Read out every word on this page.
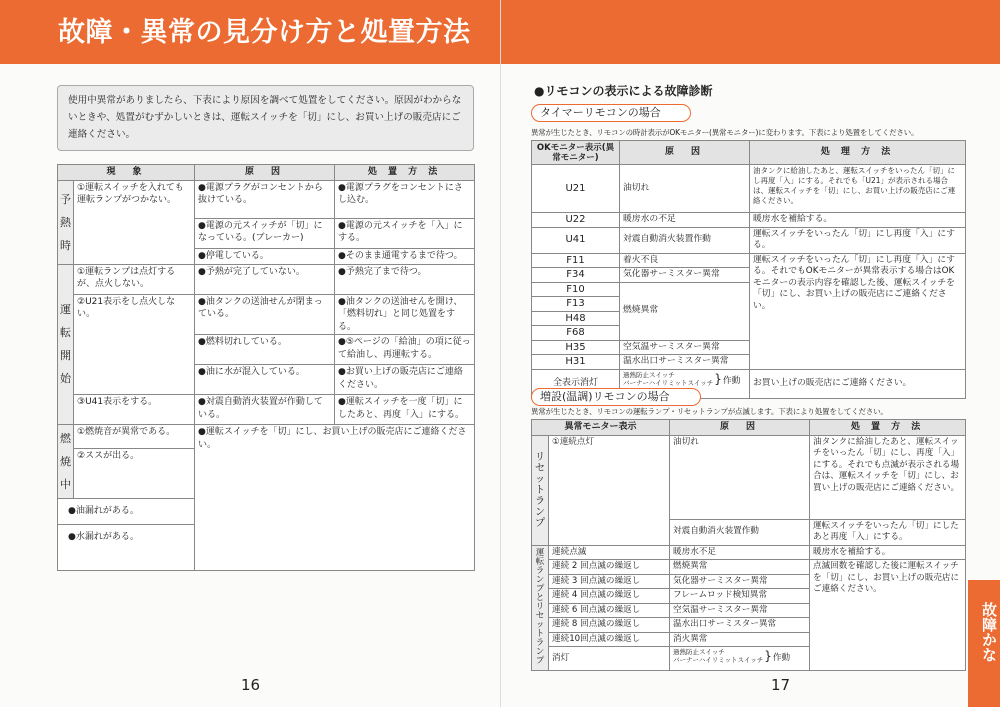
故障・異常の見分け方と処置方法
使用中異常がありましたら、下表により原因を調べて処置をしてください。原因がわからないときや、処置がむずかしいときは、運転スイッチを「切」にし、お買い上げの販売店にご連絡ください。
現　象		原　因	処 置 方 法
予熱時	①運転スイッチを入れても運転ランプがつかない。	●電源プラグがコンセントから抜けている。	●電源プラグをコンセントにさし込む。
		●電源の元スイッチが「切」になっている。(ブレーカー)	●電源の元スイッチを「入」にする。
		●停電している。	●そのまま通電するまで待つ。
運転開始	①運転ランプは点灯するが、点火しない。	●予熱が完了していない。	●予熱完了まで待つ。
	②U21表示をし点火しない。	●油タンクの送油せんが閉まっている。	●油タンクの送油せんを開け、「燃料切れ」と同じ処置をする。
		●燃料切れしている。	●⑤ページの「給油」の項に従って給油し、再運転する。
		●油に水が混入している。	●お買い上げの販売店にご連絡ください。
	③U41表示をする。	●対震自動消火装置が作動している。	●運転スイッチを一度「切」にしたあと、再度「入」にする。
燃焼中	①燃焼音が異常である。	●運転スイッチを「切」にし、お買い上げの販売店にご連絡ください。	
	②ススが出る。		
●油漏れがある。			
●水漏れがある。			
16
●リモコンの表示による故障診断
タイマーリモコンの場合
異常が生じたとき、リモコンの時計表示がOKモニター(異常モニター)に変わります。下表により処置をしてください。
OKモニター表示(異常モニター)	原　因	処 理 方 法
U21	油切れ	油タンクに給油したあと、運転スイッチをいったん「切」にし再度「入」にする。それでも「U21」が表示される場合は、運転スイッチを「切」にし、お買い上げの販売店にご連絡ください。
U22	暖房水の不足	暖房水を補給する。
U41	対震自動消火装置作動	運転スイッチをいったん「切」にし再度「入」にする。
F11	着火不良	運転スイッチをいったん「切」にし再度「入」にする。それでもOKモニターが異常表示する場合はOKモニターの表示内容を確認した後、運転スイッチを「切」にし、お買い上げの販売店にご連絡ください。
F34	気化器サーミスター異常	
F10	燃焼異常	
F13		
H48		
F68		
H35	空気温サーミスター異常	
H31	温水出口サーミスター異常	
全表示消灯	過熱防止スイッチ
バーナーハイリミットスイッチ }作動	お買い上げの販売店にご連絡ください。
増設(温調)リモコンの場合
異常が生じたとき、リモコンの運転ランプ・リセットランプが点滅します。下表により処置をしてください。
異常モニター表示		原　因	処 置 方 法
リセットランプ	①連続点灯	油切れ	油タンクに給油したあと、運転スイッチをいったん「切」にし、再度「入」にする。それでも点滅が表示される場合は、運転スイッチを「切」にし、お買い上げの販売店にご連絡ください。
		対震自動消火装置作動	運転スイッチをいったん「切」にしたあと再度「入」にする。
運転ランプとリセットランプ	連続点滅	暖房水不足	暖房水を補給する。
	連続 2 回点滅の繰返し	燃焼異常	点滅回数を確認した後に運転スイッチを「切」にし、お買い上げの販売店にご連絡ください。
	連続 3 回点滅の繰返し	気化器サーミスター異常	
	連続 4 回点滅の繰返し	フレームロッド検知異常	
	連続 6 回点滅の繰返し	空気温サーミスター異常	
	連続 8 回点滅の繰返し	温水出口サーミスター異常	
	連続10回点滅の繰返し	消火異常	
	消灯	過熱防止スイッチ
バーナーハイリミットスイッチ }作動	
17
故障かな
